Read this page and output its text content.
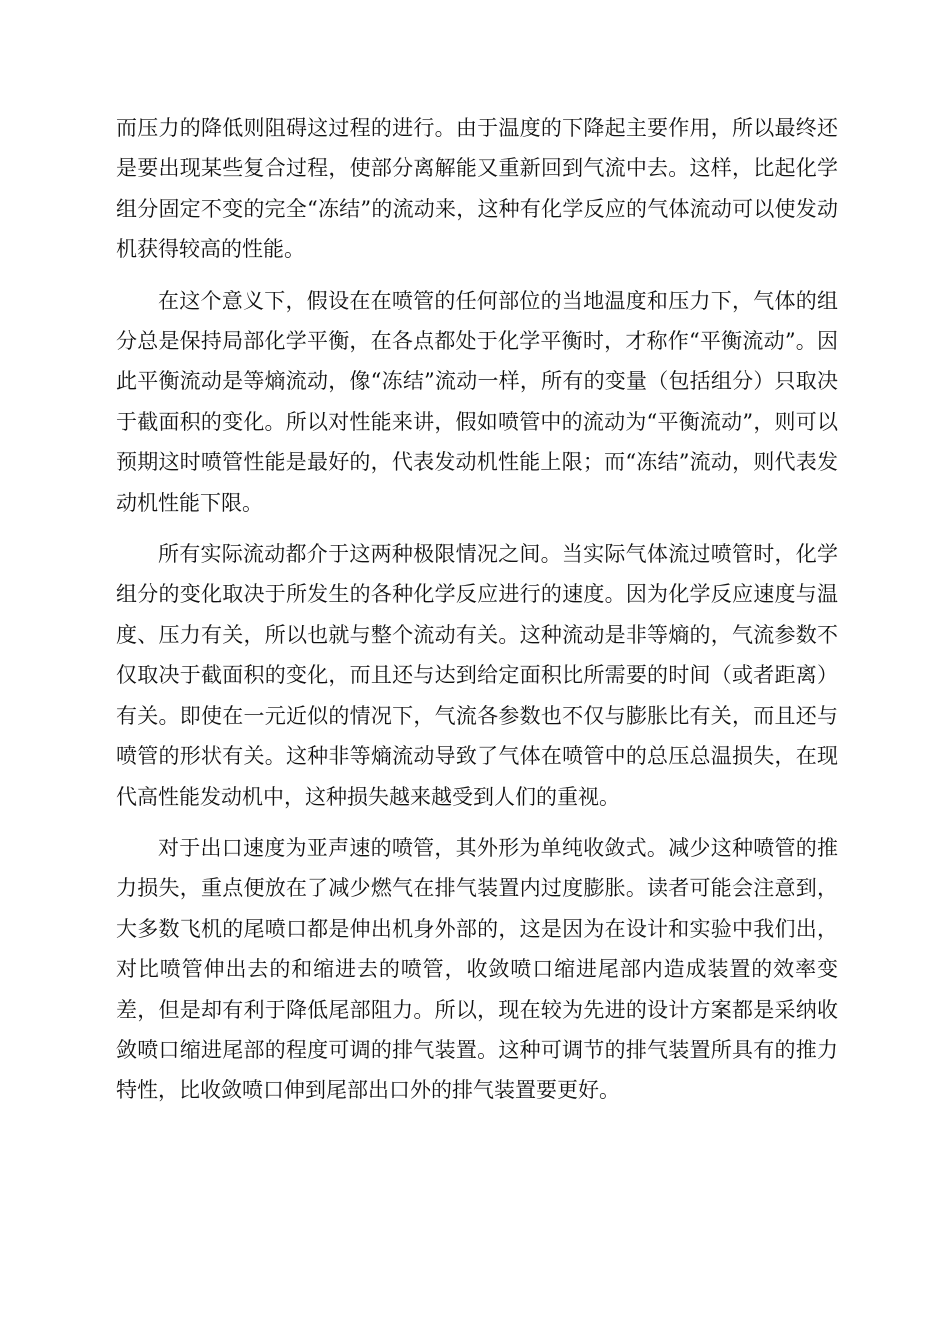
而压力的降低则阻碍这过程的进行。由于温度的下降起主要作用，所以最终还是要出现某些复合过程，使部分离解能又重新回到气流中去。这样，比起化学组分固定不变的完全“冻结”的流动来，这种有化学反应的气体流动可以使发动机获得较高的性能。

在这个意义下，假设在在喷管的任何部位的当地温度和压力下，气体的组分总是保持局部化学平衡，在各点都处于化学平衡时，才称作“平衡流动”。因此平衡流动是等熵流动，像“冻结”流动一样，所有的变量（包括组分）只取决于截面积的变化。所以对性能来讲，假如喷管中的流动为“平衡流动”，则可以预期这时喷管性能是最好的，代表发动机性能上限；而“冻结”流动，则代表发动机性能下限。

所有实际流动都介于这两种极限情况之间。当实际气体流过喷管时，化学组分的变化取决于所发生的各种化学反应进行的速度。因为化学反应速度与温度、压力有关，所以也就与整个流动有关。这种流动是非等熵的，气流参数不仅取决于截面积的变化，而且还与达到给定面积比所需要的时间（或者距离）有关。即使在一元近似的情况下，气流各参数也不仅与膨胀比有关，而且还与喷管的形状有关。这种非等熵流动导致了气体在喷管中的总压总温损失，在现代高性能发动机中，这种损失越来越受到人们的重视。

对于出口速度为亚声速的喷管，其外形为单纯收敛式。减少这种喷管的推力损失，重点便放在了减少燃气在排气装置内过度膨胀。读者可能会注意到，大多数飞机的尾喷口都是伸出机身外部的，这是因为在设计和实验中我们出，对比喷管伸出去的和缩进去的喷管，收敛喷口缩进尾部内造成装置的效率变差，但是却有利于降低尾部阻力。所以，现在较为先进的设计方案都是采纳收敛喷口缩进尾部的程度可调的排气装置。这种可调节的排气装置所具有的推力特性，比收敛喷口伸到尾部出口外的排气装置要更好。
